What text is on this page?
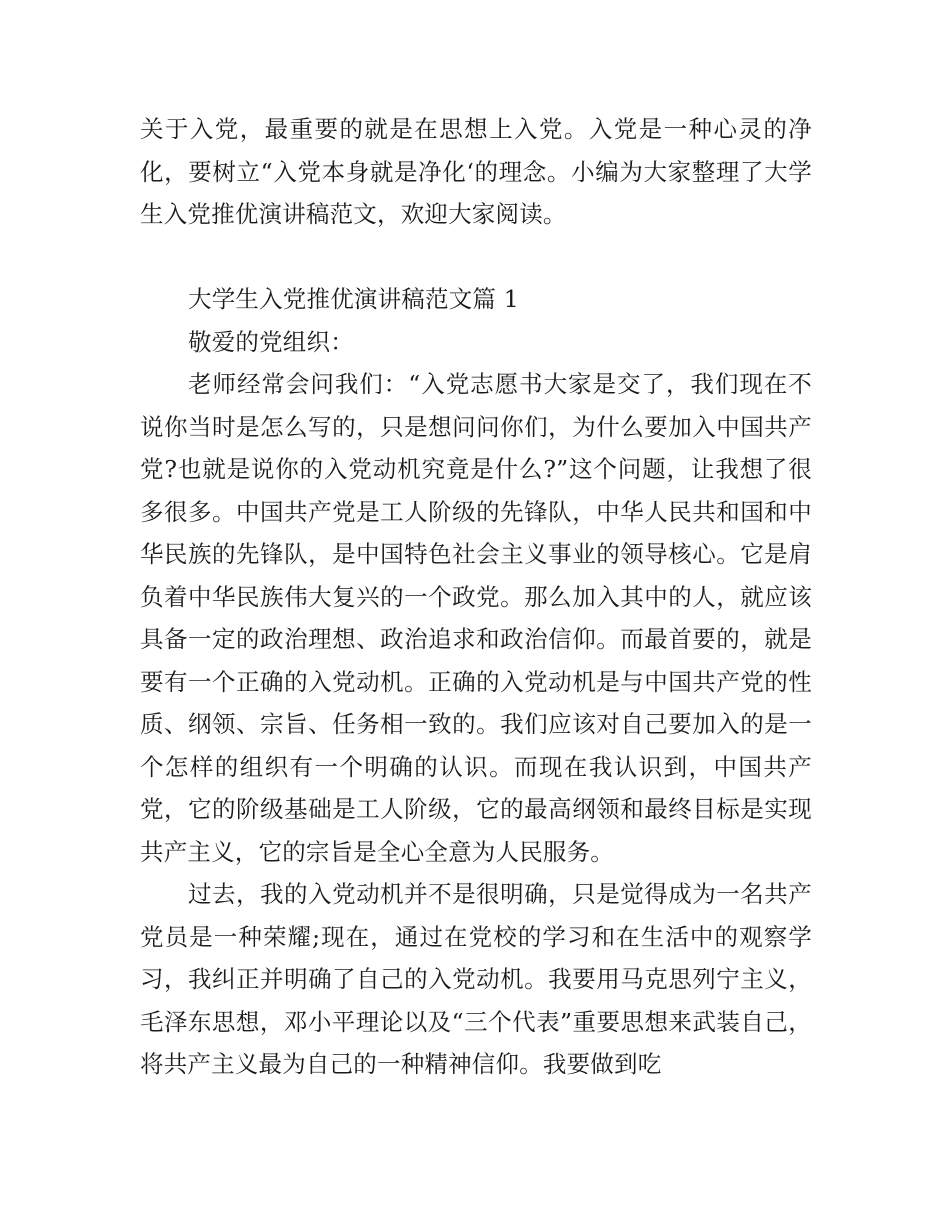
关于入党，最重要的就是在思想上入党。入党是一种心灵的净化，要树立“入党本身就是净化‘的理念。小编为大家整理了大学生入党推优演讲稿范文，欢迎大家阅读。

大学生入党推优演讲稿范文篇 1

敬爱的党组织：

老师经常会问我们：“入党志愿书大家是交了，我们现在不说你当时是怎么写的，只是想问问你们，为什么要加入中国共产党?也就是说你的入党动机究竟是什么?”这个问题，让我想了很多很多。中国共产党是工人阶级的先锋队，中华人民共和国和中华民族的先锋队，是中国特色社会主义事业的领导核心。它是肩负着中华民族伟大复兴的一个政党。那么加入其中的人，就应该具备一定的政治理想、政治追求和政治信仰。而最首要的，就是要有一个正确的入党动机。正确的入党动机是与中国共产党的性质、纲领、宗旨、任务相一致的。我们应该对自己要加入的是一个怎样的组织有一个明确的认识。而现在我认识到，中国共产党，它的阶级基础是工人阶级，它的最高纲领和最终目标是实现共产主义，它的宗旨是全心全意为人民服务。

过去，我的入党动机并不是很明确，只是觉得成为一名共产党员是一种荣耀;现在，通过在党校的学习和在生活中的观察学习，我纠正并明确了自己的入党动机。我要用马克思列宁主义，毛泽东思想，邓小平理论以及“三个代表”重要思想来武装自己，将共产主义最为自己的一种精神信仰。我要做到吃
